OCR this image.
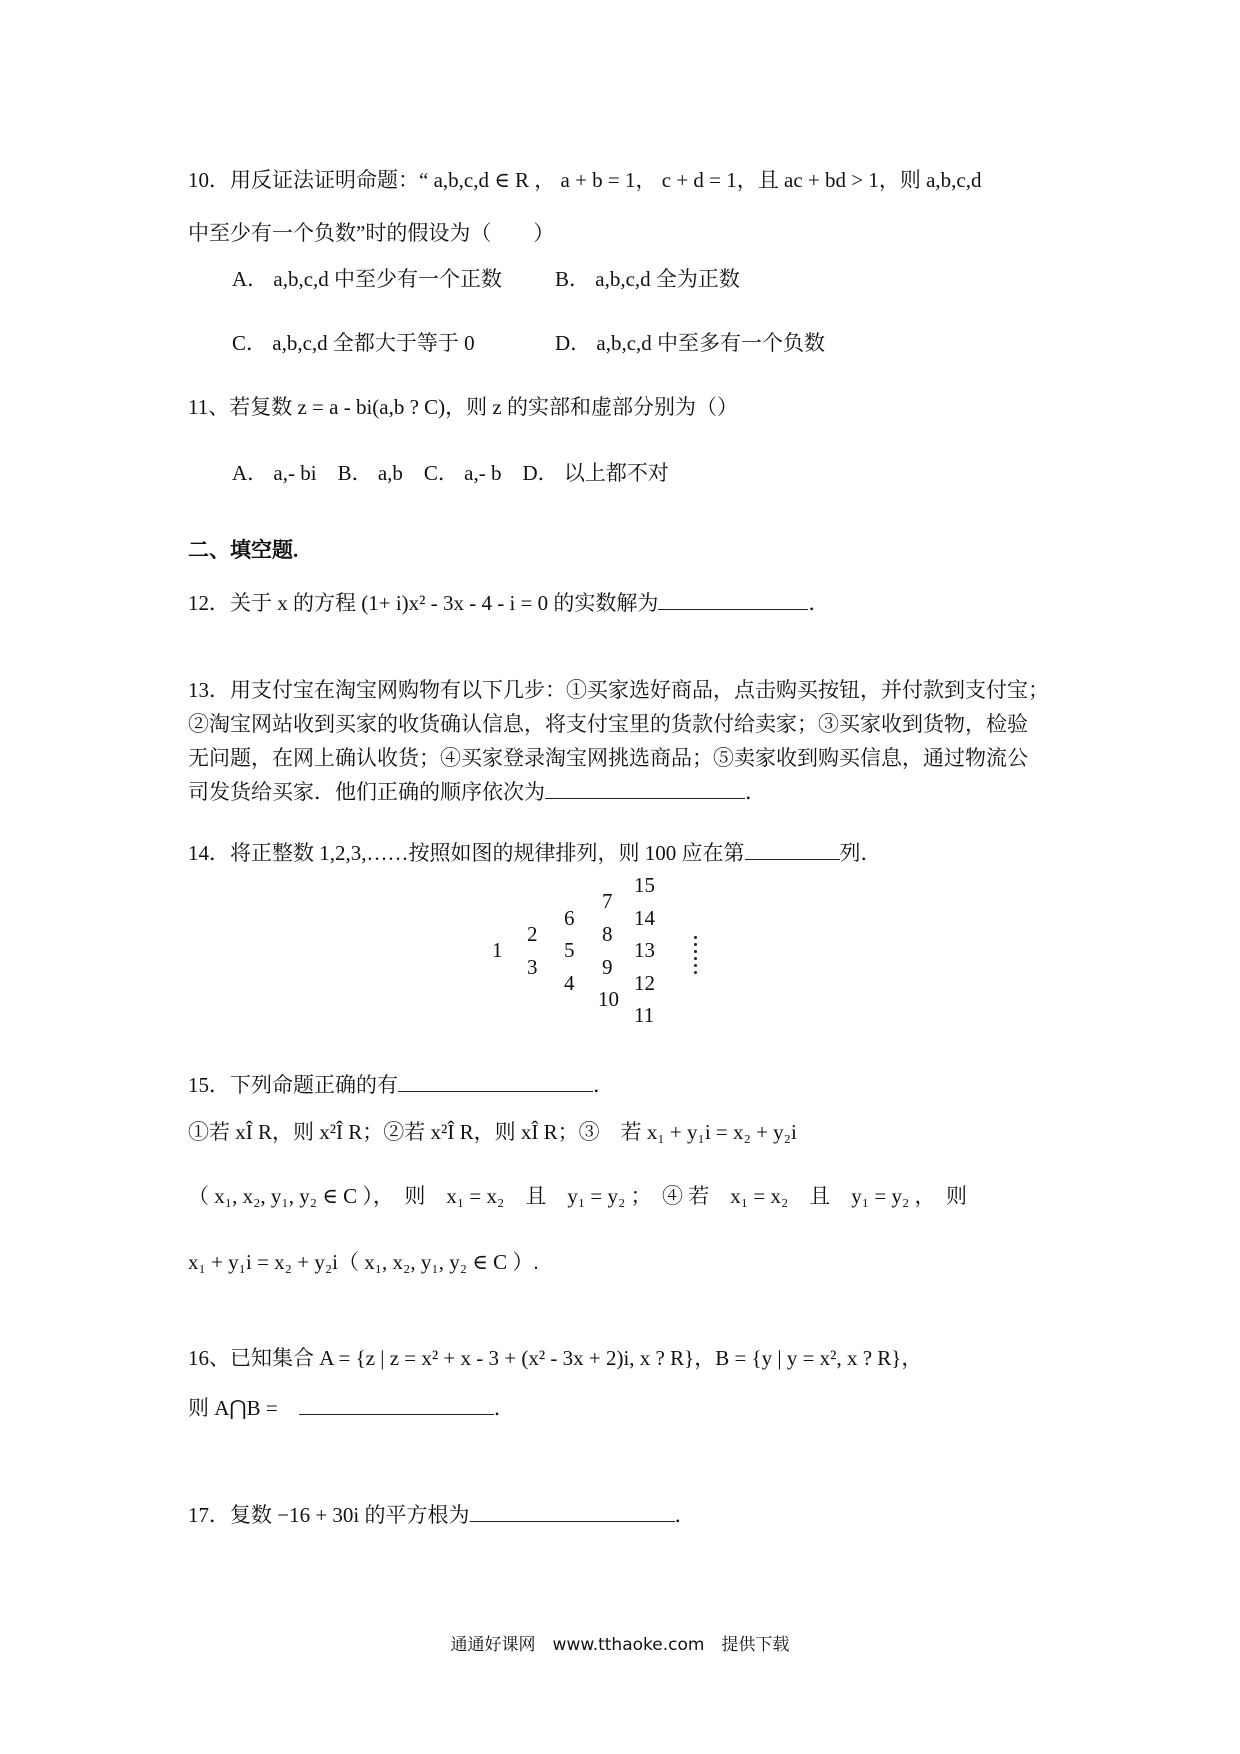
10．用反证法证明命题：“ a,b,c,d ∈ R ， a + b = 1， c + d = 1，且 ac + bd > 1，则 a,b,c,d
中至少有一个负数”时的假设为（　　）
A． a,b,c,d 中至少有一个正数	B． a,b,c,d 全为正数
C． a,b,c,d 全都大于等于 0	D． a,b,c,d 中至多有一个负数
11、若复数 z = a - bi(a,b ? C)，则 z 的实部和虚部分别为（）
A． a,- bi　B． a,b　C． a,- b　D． 以上都不对
二、填空题.
12．关于 x 的方程 (1+ i)x² - 3x - 4 - i = 0 的实数解为	．
13．用支付宝在淘宝网购物有以下几步：①买家选好商品，点击购买按钮，并付款到支付宝；
②淘宝网站收到买家的收货确认信息，将支付宝里的货款付给卖家；③买家收到货物，检验
无问题，在网上确认收货；④买家登录淘宝网挑选商品；⑤卖家收到购买信息，通过物流公
司发货给买家．他们正确的顺序依次为	．
14．将正整数 1,2,3,……按照如图的规律排列，则 100 应在第	列．
1
2
3
6
5
4
7
8
9
10
15
14
13
12
11
15．下列命题正确的有	．
①若 xÎ R，则 x²Î R；②若 x²Î R，则 xÎ R；③　若 x₁ + y₁i = x₂ + y₂i
（ x₁, x₂, y₁, y₂ ∈ C ），　则　x₁ = x₂　且　y₁ = y₂ ；　④ 若　x₁ = x₂　且　y₁ = y₂ ，　则
x₁ + y₁i = x₂ + y₂i（ x₁, x₂, y₁, y₂ ∈ C ）.
16、已知集合 A = {z | z = x² + x - 3 + (x² - 3x + 2)i, x ? R}，B = {y | y = x², x ? R}，
则 A⋂B =　	．
17．复数 −16 + 30i 的平方根为	．
通通好课网　www.tthaoke.com　提供下载
